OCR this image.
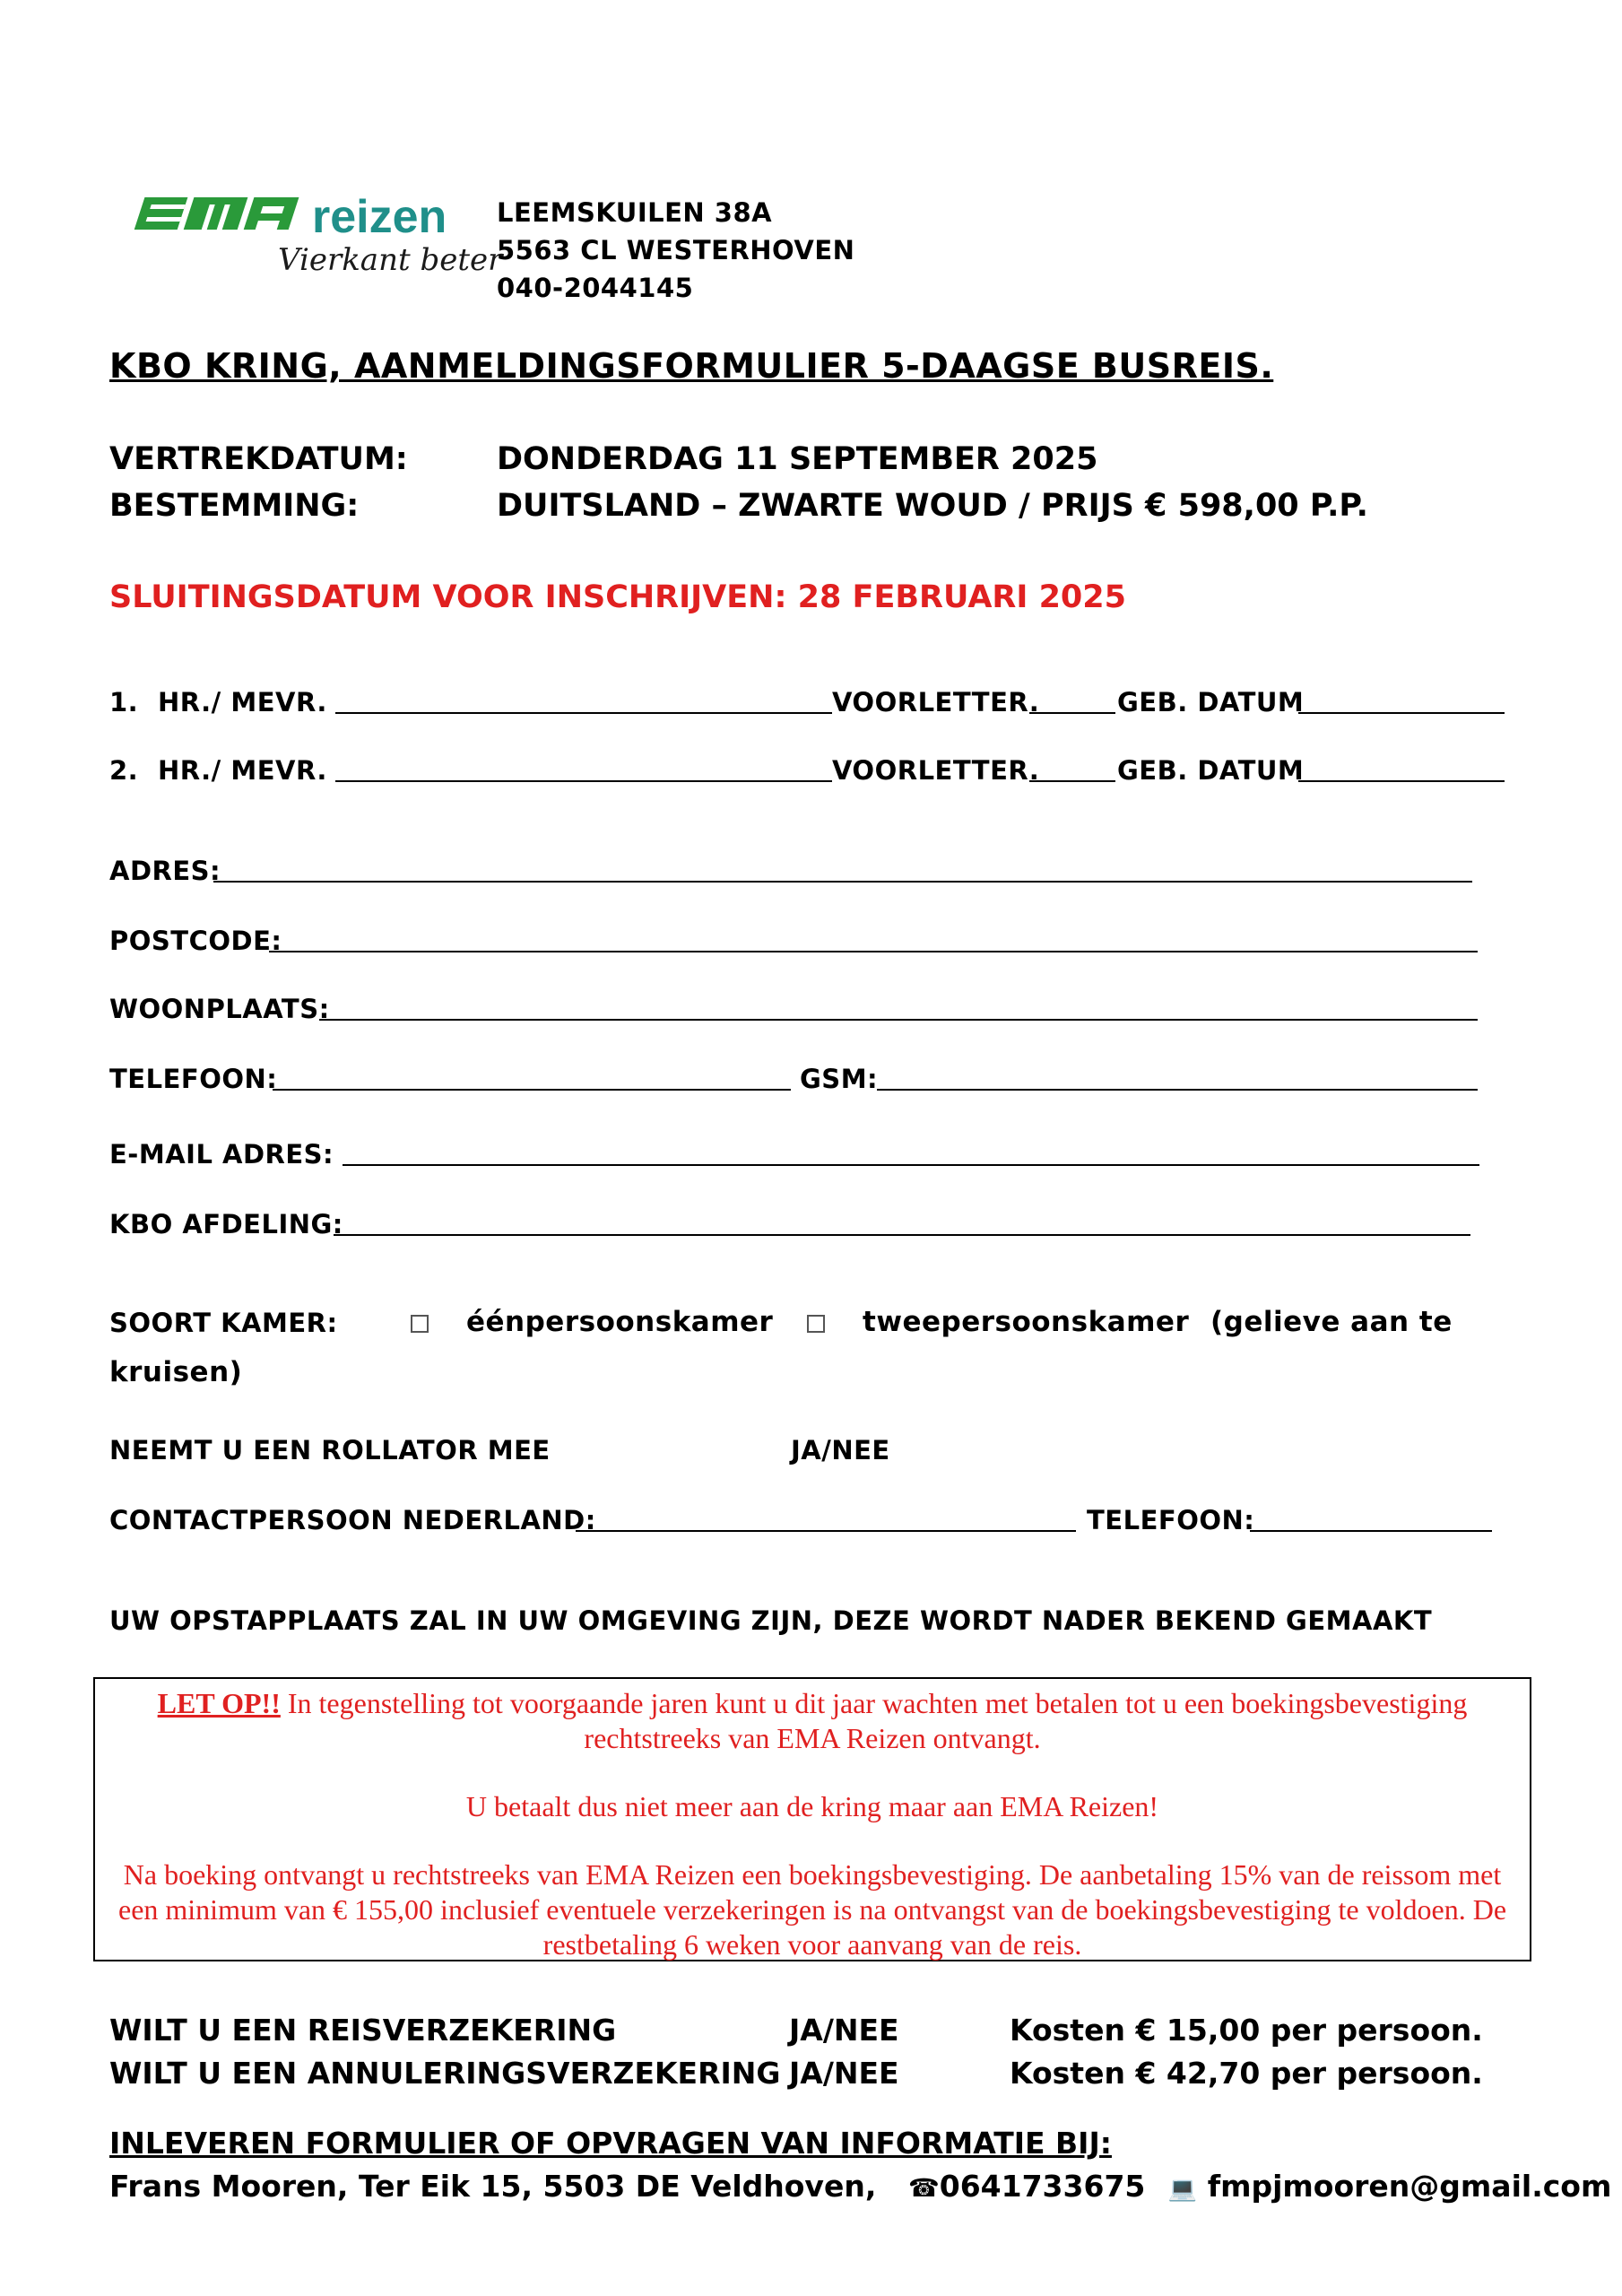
reizen
Vierkant beter
LEEMSKUILEN 38A
5563 CL WESTERHOVEN
040-2044145
KBO KRING, AANMELDINGSFORMULIER 5-DAAGSE BUSREIS.
VERTREKDATUM:	DONDERDAG 11 SEPTEMBER 2025
BESTEMMING:	DUITSLAND – ZWARTE WOUD / PRIJS € 598,00 P.P.
SLUITINGSDATUM VOOR INSCHRIJVEN: 28 FEBRUARI 2025
1. HR./ MEVR.	VOORLETTER.	GEB. DATUM
2. HR./ MEVR.	VOORLETTER.	GEB. DATUM
ADRES:
POSTCODE:
WOONPLAATS:
TELEFOON:	GSM:
E-MAIL ADRES:
KBO AFDELING:
SOORT KAMER:	éénpersoonskamer	tweepersoonskamer (gelieve aan te
kruisen)
NEEMT U EEN ROLLATOR MEE	JA/NEE
CONTACTPERSOON NEDERLAND:	TELEFOON:
UW OPSTAPPLAATS ZAL IN UW OMGEVING ZIJN, DEZE WORDT NADER BEKEND GEMAAKT

LET OP!! In tegenstelling tot voorgaande jaren kunt u dit jaar wachten met betalen tot u een boekingsbevestiging rechtstreeks van EMA Reizen ontvangt.

U betaalt dus niet meer aan de kring maar aan EMA Reizen!

Na boeking ontvangt u rechtstreeks van EMA Reizen een boekingsbevestiging. De aanbetaling 15% van de reissom met een minimum van € 155,00 inclusief eventuele verzekeringen is na ontvangst van de boekingsbevestiging te voldoen. De restbetaling 6 weken voor aanvang van de reis.

WILT U EEN REISVERZEKERING	JA/NEE	Kosten € 15,00 per persoon.
WILT U EEN ANNULERINGSVERZEKERING JA/NEE	Kosten € 42,70 per persoon.
INLEVEREN FORMULIER OF OPVRAGEN VAN INFORMATIE BIJ:
Frans Mooren, Ter Eik 15, 5503 DE Veldhoven, ☎0641733675 💻 fmpjmooren@gmail.com
